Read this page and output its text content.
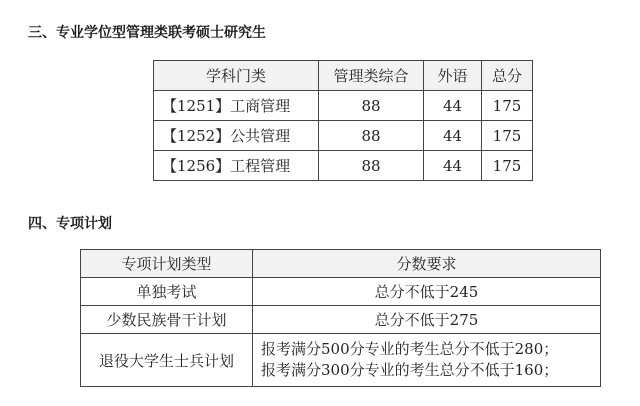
三、专业学位型管理类联考硕士研究生
学科门类	管理类综合	外语	总分
【1251】工商管理	88	44	175
【1252】公共管理	88	44	175
【1256】工程管理	88	44	175
四、专项计划
专项计划类型	分数要求
单独考试	总分不低于245
少数民族骨干计划	总分不低于275
退役大学生士兵计划	报考满分500分专业的考生总分不低于280；
报考满分300分专业的考生总分不低于160；
